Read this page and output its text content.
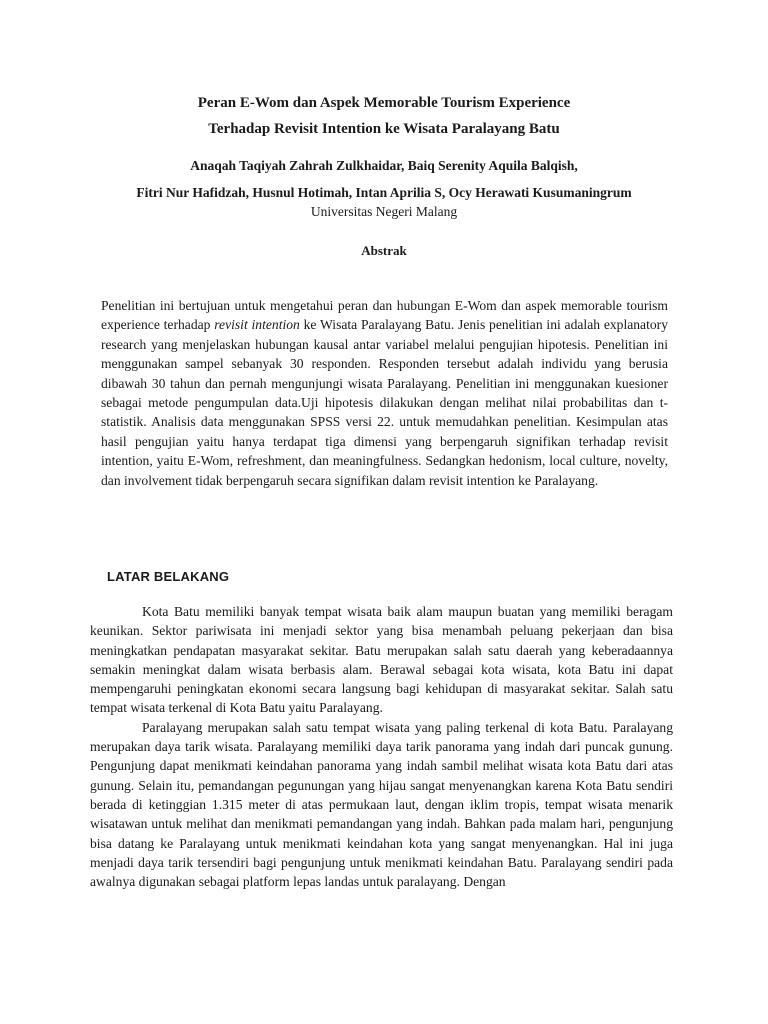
Peran E-Wom dan Aspek Memorable Tourism Experience
Terhadap Revisit Intention ke Wisata Paralayang Batu
Anaqah Taqiyah Zahrah Zulkhaidar, Baiq Serenity Aquila Balqish,
Fitri Nur Hafidzah, Husnul Hotimah, Intan Aprilia S, Ocy Herawati Kusumaningrum
Universitas Negeri Malang
Abstrak
Penelitian ini bertujuan untuk mengetahui peran dan hubungan E-Wom dan aspek memorable tourism experience terhadap revisit intention ke Wisata Paralayang Batu. Jenis penelitian ini adalah explanatory research yang menjelaskan hubungan kausal antar variabel melalui pengujian hipotesis. Penelitian ini menggunakan sampel sebanyak 30 responden. Responden tersebut adalah individu yang berusia dibawah 30 tahun dan pernah mengunjungi wisata Paralayang. Penelitian ini menggunakan kuesioner sebagai metode pengumpulan data.Uji hipotesis dilakukan dengan melihat nilai probabilitas dan t-statistik. Analisis data menggunakan SPSS versi 22. untuk memudahkan penelitian. Kesimpulan atas hasil pengujian yaitu hanya terdapat tiga dimensi yang berpengaruh signifikan terhadap revisit intention, yaitu E-Wom, refreshment, dan meaningfulness. Sedangkan hedonism, local culture, novelty, dan involvement tidak berpengaruh secara signifikan dalam revisit intention ke Paralayang.
LATAR BELAKANG

Kota Batu memiliki banyak tempat wisata baik alam maupun buatan yang memiliki beragam keunikan. Sektor pariwisata ini menjadi sektor yang bisa menambah peluang pekerjaan dan bisa meningkatkan pendapatan masyarakat sekitar. Batu merupakan salah satu daerah yang keberadaannya semakin meningkat dalam wisata berbasis alam. Berawal sebagai kota wisata, kota Batu ini dapat mempengaruhi peningkatan ekonomi secara langsung bagi kehidupan di masyarakat sekitar. Salah satu tempat wisata terkenal di Kota Batu yaitu Paralayang.

Paralayang merupakan salah satu tempat wisata yang paling terkenal di kota Batu. Paralayang merupakan daya tarik wisata. Paralayang memiliki daya tarik panorama yang indah dari puncak gunung. Pengunjung dapat menikmati keindahan panorama yang indah sambil melihat wisata kota Batu dari atas gunung. Selain itu, pemandangan pegunungan yang hijau sangat menyenangkan karena Kota Batu sendiri berada di ketinggian 1.315 meter di atas permukaan laut, dengan iklim tropis, tempat wisata menarik wisatawan untuk melihat dan menikmati pemandangan yang indah. Bahkan pada malam hari, pengunjung bisa datang ke Paralayang untuk menikmati keindahan kota yang sangat menyenangkan. Hal ini juga menjadi daya tarik tersendiri bagi pengunjung untuk menikmati keindahan Batu. Paralayang sendiri pada awalnya digunakan sebagai platform lepas landas untuk paralayang. Dengan
